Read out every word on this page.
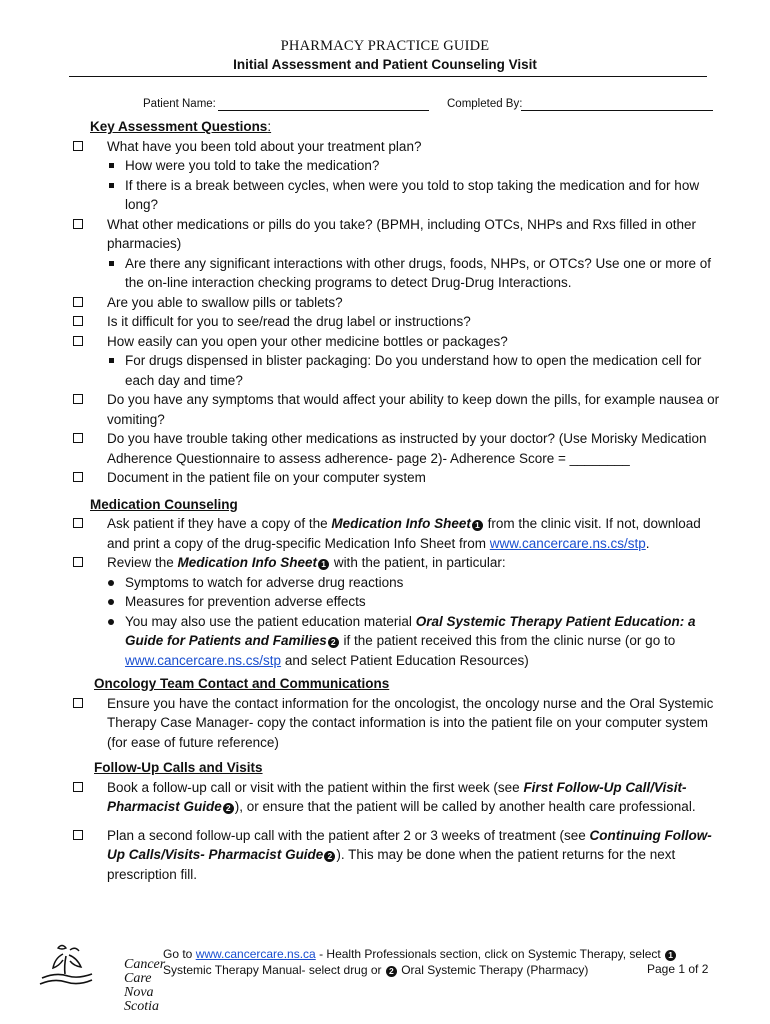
PHARMACY PRACTICE GUIDE
Initial Assessment and Patient Counseling Visit
Patient Name:	Completed By:
Key Assessment Questions:
What have you been told about your treatment plan?
How were you told to take the medication?
If there is a break between cycles, when were you told to stop taking the medication and for how long?
What other medications or pills do you take? (BPMH, including OTCs, NHPs and Rxs filled in other pharmacies)
Are there any significant interactions with other drugs, foods, NHPs, or OTCs? Use one or more of the on-line interaction checking programs to detect Drug-Drug Interactions.
Are you able to swallow pills or tablets?
Is it difficult for you to see/read the drug label or instructions?
How easily can you open your other medicine bottles or packages?
For drugs dispensed in blister packaging: Do you understand how to open the medication cell for each day and time?
Do you have any symptoms that would affect your ability to keep down the pills, for example nausea or vomiting?
Do you have trouble taking other medications as instructed by your doctor? (Use Morisky Medication Adherence Questionnaire to assess adherence- page 2)- Adherence Score = ________
Document in the patient file on your computer system
Medication Counseling
Ask patient if they have a copy of the Medication Info Sheet 1 from the clinic visit. If not, download and print a copy of the drug-specific Medication Info Sheet from www.cancercare.ns.cs/stp.
Review the Medication Info Sheet 1 with the patient, in particular:
Symptoms to watch for adverse drug reactions
Measures for prevention adverse effects
You may also use the patient education material Oral Systemic Therapy Patient Education: a Guide for Patients and Families 2 if the patient received this from the clinic nurse (or go to www.cancercare.ns.cs/stp and select Patient Education Resources)
Oncology Team Contact and Communications
Ensure you have the contact information for the oncologist, the oncology nurse and the Oral Systemic Therapy Case Manager- copy the contact information is into the patient file on your computer system (for ease of future reference)
Follow-Up Calls and Visits
Book a follow-up call or visit with the patient within the first week (see First Follow-Up Call/Visit-Pharmacist Guide 2 ), or ensure that the patient will be called by another health care professional.
Plan a second follow-up call with the patient after 2 or 3 weeks of treatment (see Continuing Follow-Up Calls/Visits- Pharmacist Guide 2 ). This may be done when the patient returns for the next prescription fill.
Cancer Care
Nova Scotia
Go to www.cancercare.ns.ca - Health Professionals section, click on Systemic Therapy, select 1
Systemic Therapy Manual- select drug or 2 Oral Systemic Therapy (Pharmacy)	Page 1 of 2
